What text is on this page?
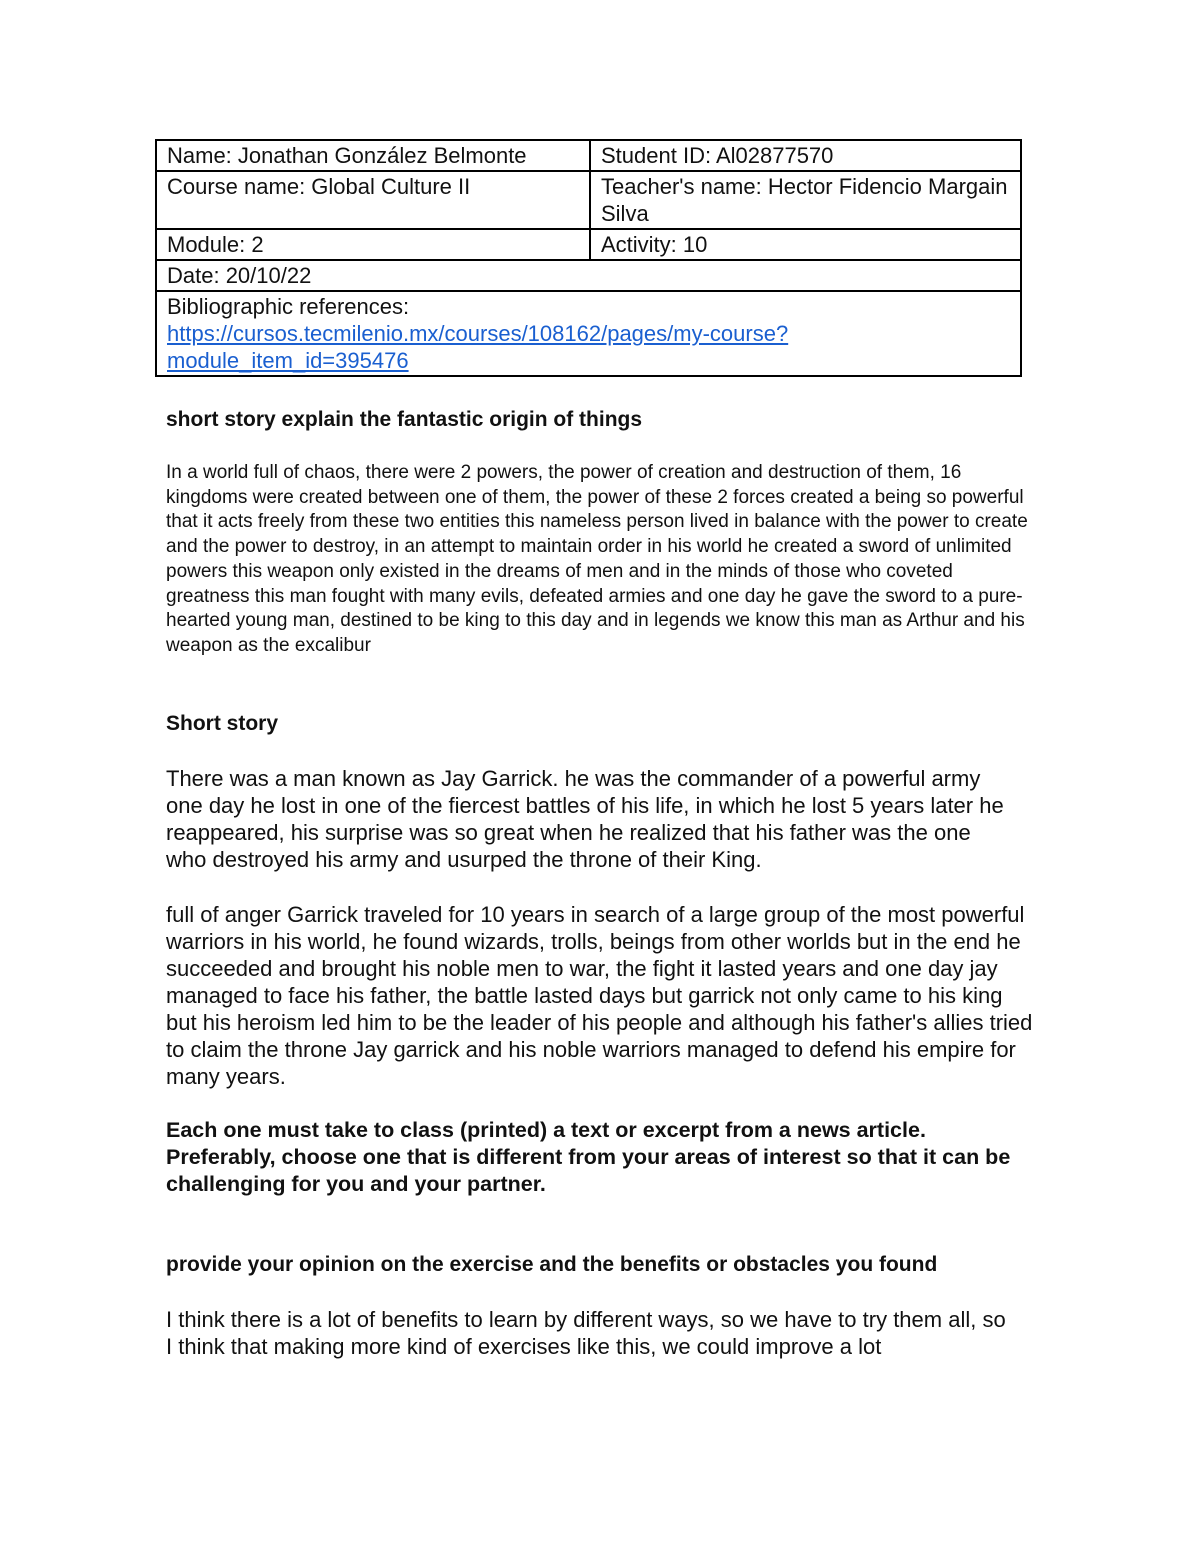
Name: Jonathan González Belmonte	Student ID: Al02877570
Course name: Global Culture II	Teacher's name: Hector Fidencio Margain Silva
Module: 2	Activity: 10
Date: 20/10/22	

Bibliographic references:
https://cursos.tecmilenio.mx/courses/108162/pages/my-course?
module_item_id=395476	
short story explain the fantastic origin of things

In a world full of chaos, there were 2 powers, the power of creation and destruction of them, 16 kingdoms were created between one of them, the power of these 2 forces created a being so powerful that it acts freely from these two entities this nameless person lived in balance with the power to create and the power to destroy, in an attempt to maintain order in his world he created a sword of unlimited powers this weapon only existed in the dreams of men and in the minds of those who coveted greatness this man fought with many evils, defeated armies and one day he gave the sword to a pure-hearted young man, destined to be king to this day and in legends we know this man as Arthur and his weapon as the excalibur

Short story

There was a man known as Jay Garrick. he was the commander of a powerful army one day he lost in one of the fiercest battles of his life, in which he lost 5 years later he reappeared, his surprise was so great when he realized that his father was the one who destroyed his army and usurped the throne of their King.

full of anger Garrick traveled for 10 years in search of a large group of the most powerful warriors in his world, he found wizards, trolls, beings from other worlds but in the end he succeeded and brought his noble men to war, the fight it lasted years and one day jay managed to face his father, the battle lasted days but garrick not only came to his king but his heroism led him to be the leader of his people and although his father's allies tried to claim the throne Jay garrick and his noble warriors managed to defend his empire for many years.

Each one must take to class (printed) a text or excerpt from a news article. Preferably, choose one that is different from your areas of interest so that it can be challenging for you and your partner.

provide your opinion on the exercise and the benefits or obstacles you found

I think there is a lot of benefits to learn by different ways, so we have to try them all, so I think that making more kind of exercises like this, we could improve a lot
